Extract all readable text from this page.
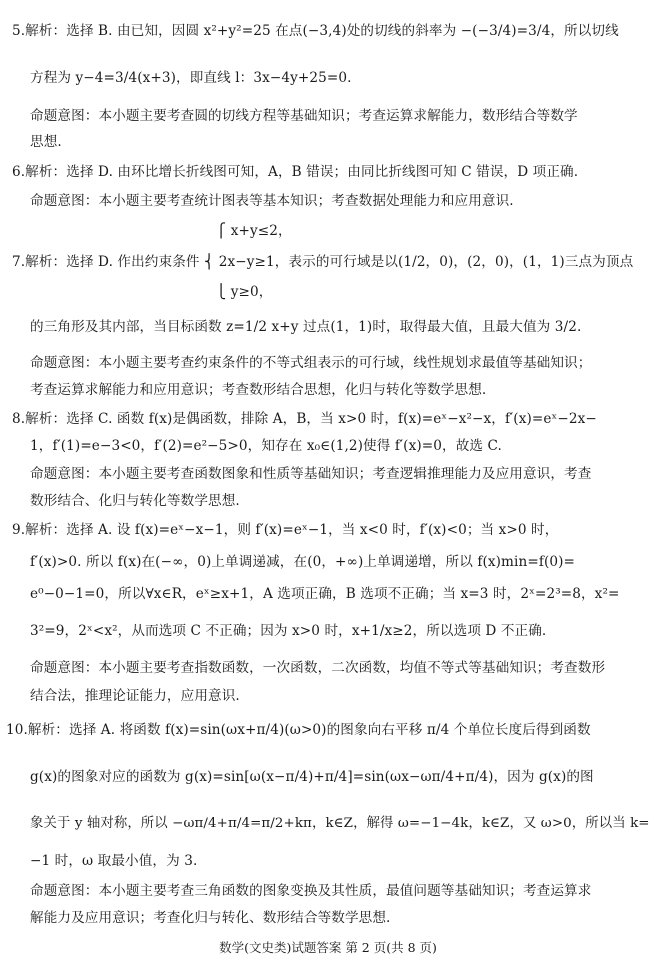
5.解析：选择 B. 由已知，因圆 x²+y²=25 在点(−3,4)处的切线的斜率为 −(−3/4)=3/4，所以切线
方程为 y−4=3/4(x+3)，即直线 l：3x−4y+25=0.
命题意图：本小题主要考查圆的切线方程等基础知识；考查运算求解能力，数形结合等数学
思想.
6.解析：选择 D. 由环比增长折线图可知，A，B 错误；由同比折线图可知 C 错误，D 项正确.
命题意图：本小题主要考查统计图表等基本知识；考查数据处理能力和应用意识.
⎧ x+y≤2，
7.解析：选择 D. 作出约束条件 ⎨ 2x−y≥1，表示的可行域是以(1/2，0)，(2，0)，(1，1)三点为顶点
⎩ y≥0，
的三角形及其内部，当目标函数 z=1/2 x+y 过点(1，1)时，取得最大值，且最大值为 3/2.
命题意图：本小题主要考查约束条件的不等式组表示的可行域，线性规划求最值等基础知识；
考查运算求解能力和应用意识；考查数形结合思想，化归与转化等数学思想.
8.解析：选择 C. 函数 f(x)是偶函数，排除 A，B，当 x>0 时，f(x)=eˣ−x²−x，f′(x)=eˣ−2x−
1，f′(1)=e−3<0，f′(2)=e²−5>0，知存在 x₀∈(1,2)使得 f′(x)=0，故选 C.
命题意图：本小题主要考查函数图象和性质等基础知识；考查逻辑推理能力及应用意识，考查
数形结合、化归与转化等数学思想.
9.解析：选择 A. 设 f(x)=eˣ−x−1，则 f′(x)=eˣ−1，当 x<0 时，f′(x)<0；当 x>0 时，
f′(x)>0. 所以 f(x)在(−∞，0)上单调递减，在(0，+∞)上单调递增，所以 f(x)min=f(0)=
e⁰−0−1=0，所以∀x∈R，eˣ≥x+1，A 选项正确，B 选项不正确；当 x=3 时，2ˣ=2³=8，x²=
3²=9，2ˣ<x²，从而选项 C 不正确；因为 x>0 时，x+1/x≥2，所以选项 D 不正确.
命题意图：本小题主要考查指数函数，一次函数，二次函数，均值不等式等基础知识；考查数形
结合法，推理论证能力，应用意识.
10.解析：选择 A. 将函数 f(x)=sin(ωx+π/4)(ω>0)的图象向右平移 π/4 个单位长度后得到函数
g(x)的图象对应的函数为 g(x)=sin[ω(x−π/4)+π/4]=sin(ωx−ωπ/4+π/4)，因为 g(x)的图
象关于 y 轴对称，所以 −ωπ/4+π/4=π/2+kπ，k∈Z，解得 ω=−1−4k，k∈Z，又 ω>0，所以当 k=
−1 时，ω 取最小值，为 3.
命题意图：本小题主要考查三角函数的图象变换及其性质，最值问题等基础知识；考查运算求
解能力及应用意识；考查化归与转化、数形结合等数学思想.
数学(文史类)试题答案 第 2 页(共 8 页)
